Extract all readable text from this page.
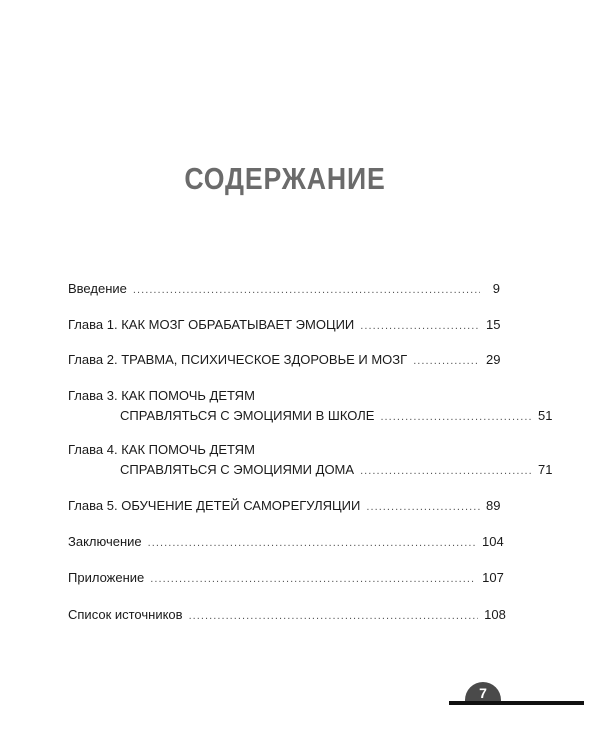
СОДЕРЖАНИЕ
Введение . . .	9
Глава 1.
КАК МОЗГ ОБРАБАТЫВАЕТ ЭМОЦИИ . . .	15
Глава 2.
ТРАВМА, ПСИХИЧЕСКОЕ ЗДОРОВЬЕ И МОЗГ . . .	29
Глава 3.
КАК ПОМОЧЬ ДЕТЯМ
СПРАВЛЯТЬСЯ С ЭМОЦИЯМИ В ШКОЛЕ . . .	51
Глава 4.
КАК ПОМОЧЬ ДЕТЯМ
СПРАВЛЯТЬСЯ С ЭМОЦИЯМИ ДОМА . . .	71
Глава 5.
ОБУЧЕНИЕ ДЕТЕЙ САМОРЕГУЛЯЦИИ . . .	89
Заключение . . .	104
Приложение . . .	107
Список источников . . .	108
7
